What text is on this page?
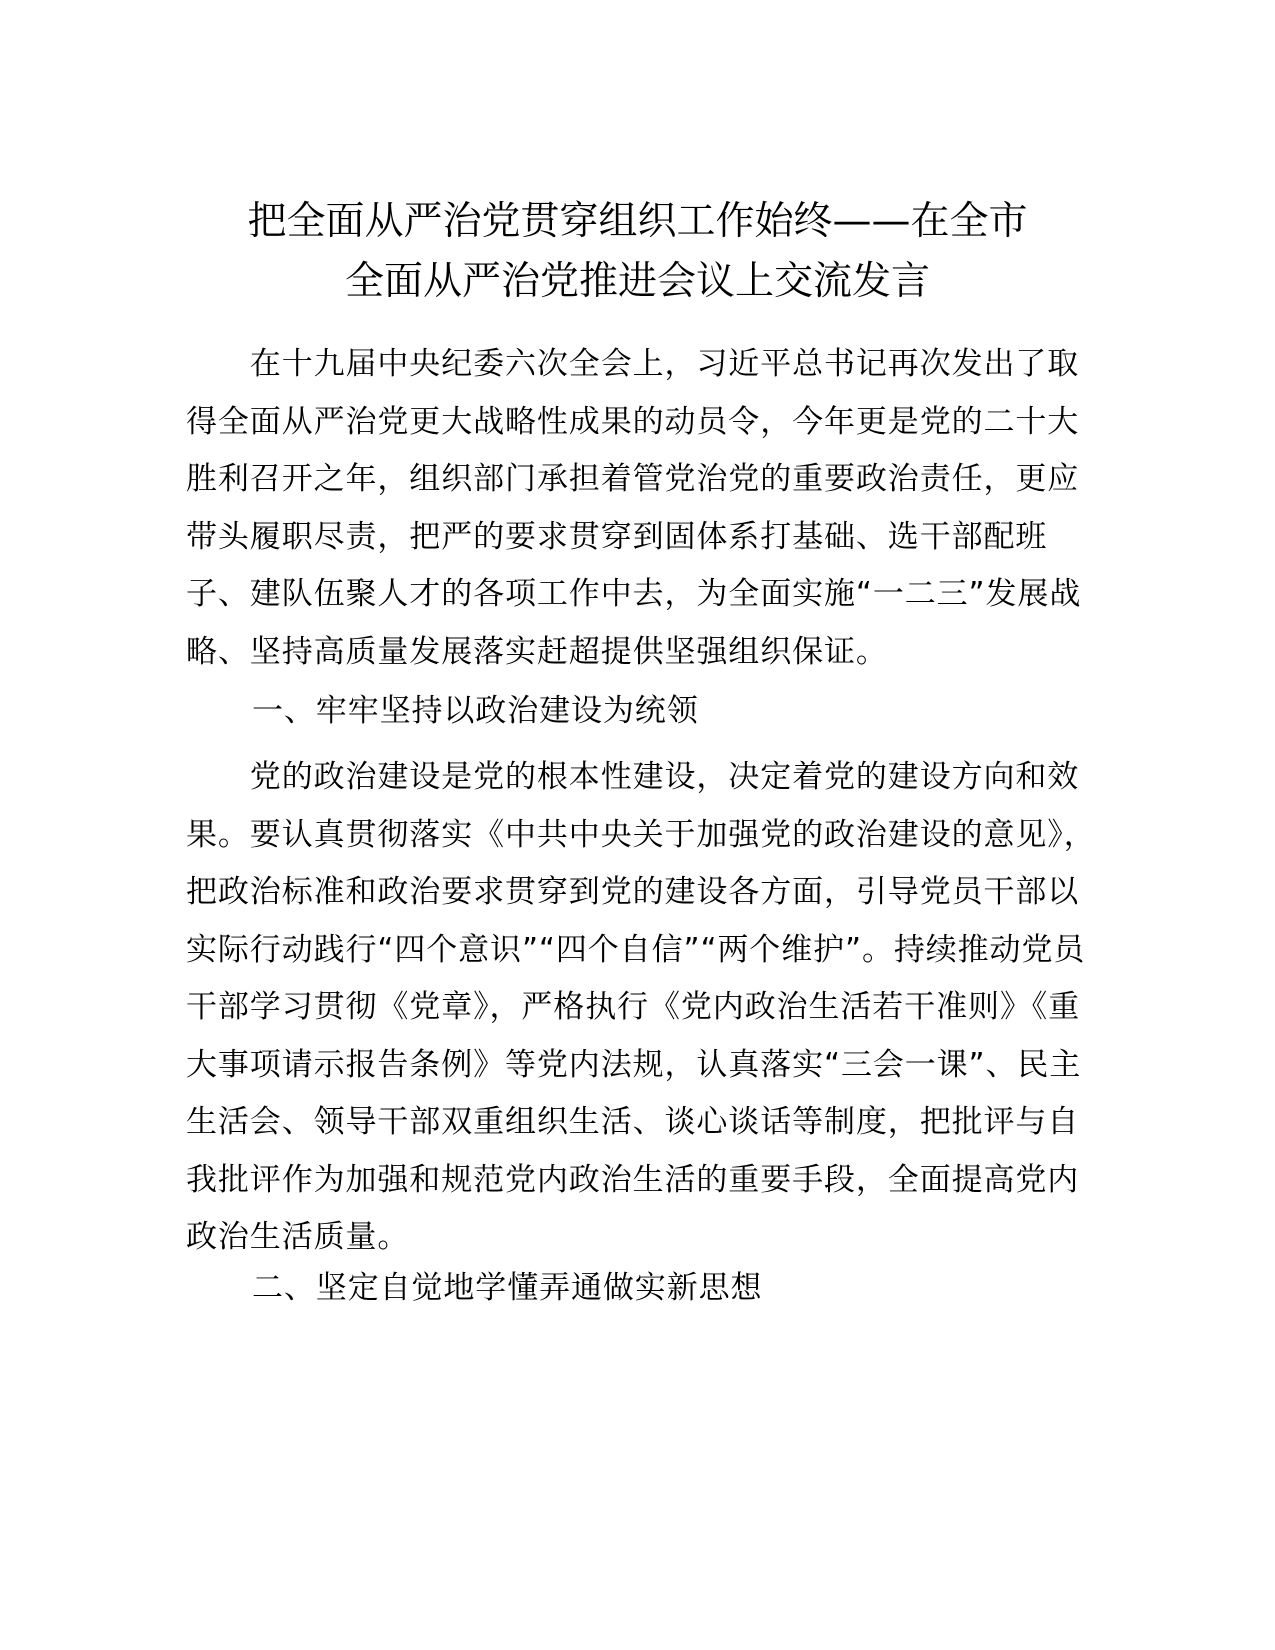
把全面从严治党贯穿组织工作始终——在全市
全面从严治党推进会议上交流发言

　　在十九届中央纪委六次全会上，习近平总书记再次发出了取得全面从严治党更大战略性成果的动员令，今年更是党的二十大胜利召开之年，组织部门承担着管党治党的重要政治责任，更应带头履职尽责，把严的要求贯穿到固体系打基础、选干部配班子、建队伍聚人才的各项工作中去，为全面实施“一二三”发展战略、坚持高质量发展落实赶超提供坚强组织保证。

一、牢牢坚持以政治建设为统领

　　党的政治建设是党的根本性建设，决定着党的建设方向和效果。要认真贯彻落实《中共中央关于加强党的政治建设的意见》，把政治标准和政治要求贯穿到党的建设各方面，引导党员干部以实际行动践行“四个意识”“四个自信”“两个维护”。持续推动党员干部学习贯彻《党章》，严格执行《党内政治生活若干准则》《重大事项请示报告条例》等党内法规，认真落实“三会一课”、民主生活会、领导干部双重组织生活、谈心谈话等制度，把批评与自我批评作为加强和规范党内政治生活的重要手段，全面提高党内政治生活质量。

二、坚定自觉地学懂弄通做实新思想
